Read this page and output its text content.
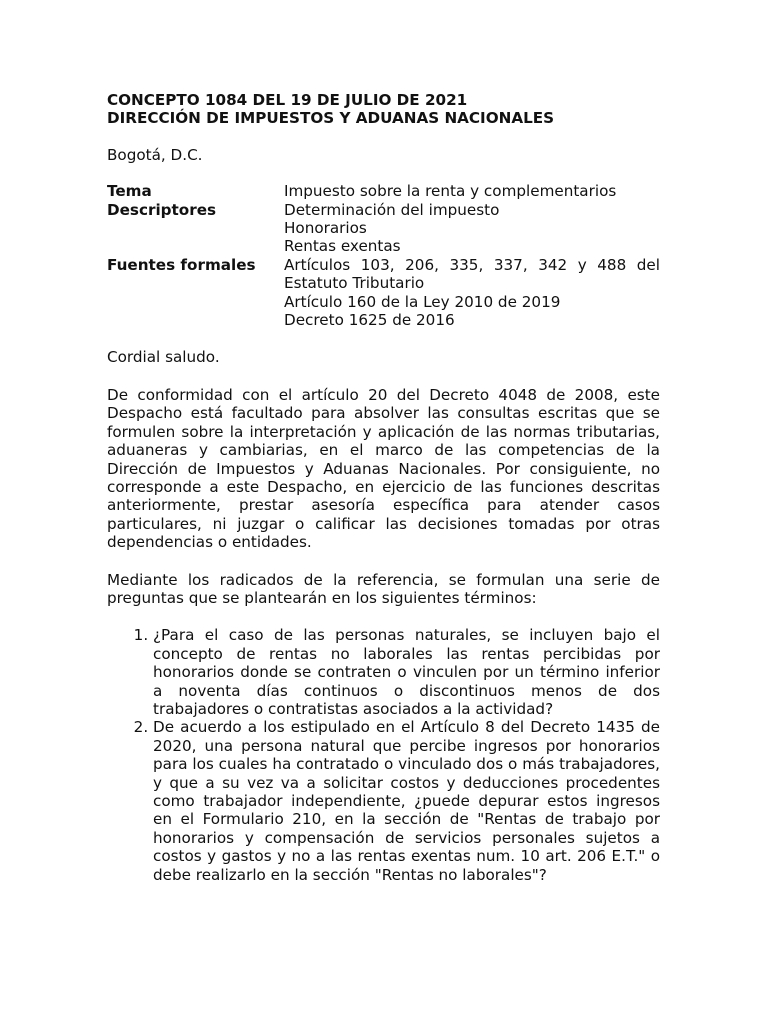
CONCEPTO 1084 DEL 19 DE JULIO DE 2021

DIRECCIÓN DE IMPUESTOS Y ADUANAS NACIONALES

Bogotá, D.C.

Tema	Impuesto sobre la renta y complementarios
Descriptores	Determinación del impuesto
Honorarios
Rentas exentas
Fuentes formales	Artículos 103, 206, 335, 337, 342 y 488 del Estatuto Tributario
Artículo 160 de la Ley 2010 de 2019
Decreto 1625 de 2016

Cordial saludo.

De conformidad con el artículo 20 del Decreto 4048 de 2008, este Despacho está facultado para absolver las consultas escritas que se formulen sobre la interpretación y aplicación de las normas tributarias, aduaneras y cambiarias, en el marco de las competencias de la Dirección de Impuestos y Aduanas Nacionales. Por consiguiente, no corresponde a este Despacho, en ejercicio de las funciones descritas anteriormente, prestar asesoría específica para atender casos particulares, ni juzgar o calificar las decisiones tomadas por otras dependencias o entidades.

Mediante los radicados de la referencia, se formulan una serie de preguntas que se plantearán en los siguientes términos:

1. ¿Para el caso de las personas naturales, se incluyen bajo el concepto de rentas no laborales las rentas percibidas por honorarios donde se contraten o vinculen por un término inferior a noventa días continuos o discontinuos menos de dos trabajadores o contratistas asociados a la actividad?
2. De acuerdo a los estipulado en el Artículo 8 del Decreto 1435 de 2020, una persona natural que percibe ingresos por honorarios para los cuales ha contratado o vinculado dos o más trabajadores, y que a su vez va a solicitar costos y deducciones procedentes como trabajador independiente, ¿puede depurar estos ingresos en el Formulario 210, en la sección de "Rentas de trabajo por honorarios y compensación de servicios personales sujetos a costos y gastos y no a las rentas exentas num. 10 art. 206 E.T." o debe realizarlo en la sección "Rentas no laborales"?
